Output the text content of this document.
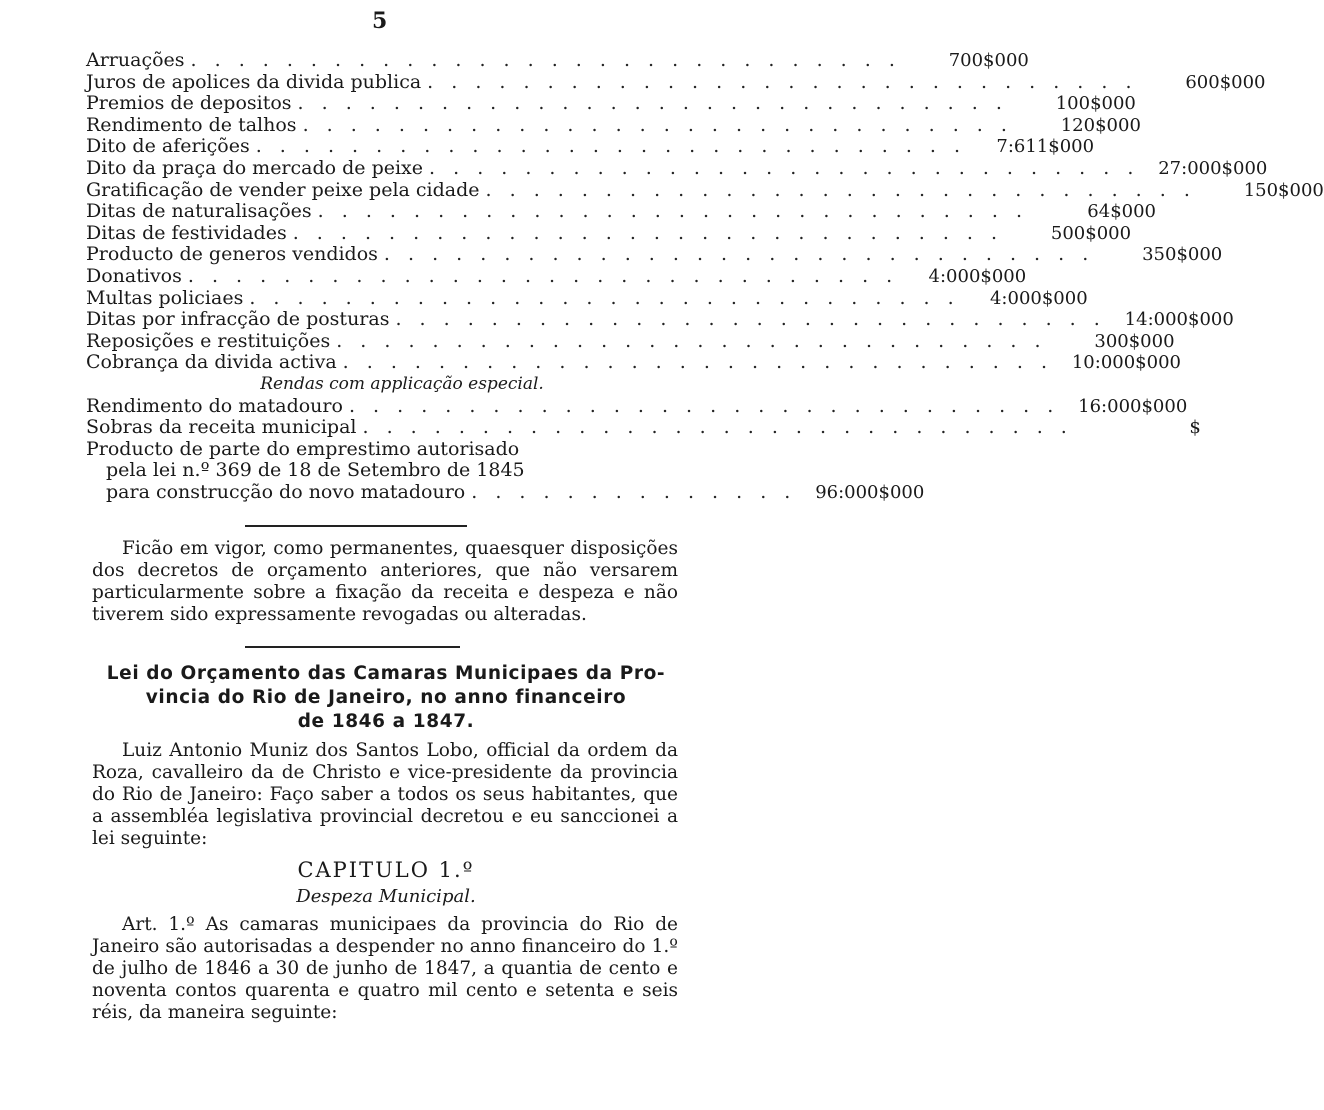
5
Arruações . . . . . . . . . . . . . . . . . . . . . . . . . . . . . .	700$000
Juros de apolices da divida publica . . . . . . . . . . . . . . . . . . . . . . . . . . . . . .	600$000
Premios de depositos . . . . . . . . . . . . . . . . . . . . . . . . . . . . . .	100$000
Rendimento de talhos . . . . . . . . . . . . . . . . . . . . . . . . . . . . . .	120$000
Dito de aferições . . . . . . . . . . . . . . . . . . . . . . . . . . . . . .	7:611$000
Dito da praça do mercado de peixe . . . . . . . . . . . . . . . . . . . . . . . . . . . . . .	27:000$000
Gratificação de vender peixe pela cidade . . . . . . . . . . . . . . . . . . . . . . . . . . . . . .	150$000
Ditas de naturalisações . . . . . . . . . . . . . . . . . . . . . . . . . . . . . .	64$000
Ditas de festividades . . . . . . . . . . . . . . . . . . . . . . . . . . . . . .	500$000
Producto de generos vendidos . . . . . . . . . . . . . . . . . . . . . . . . . . . . . .	350$000
Donativos . . . . . . . . . . . . . . . . . . . . . . . . . . . . . .	4:000$000
Multas policiaes . . . . . . . . . . . . . . . . . . . . . . . . . . . . . .	4:000$000
Ditas por infracção de posturas . . . . . . . . . . . . . . . . . . . . . . . . . . . . . .	14:000$000
Reposições e restituições . . . . . . . . . . . . . . . . . . . . . . . . . . . . . .	300$000
Cobrança da divida activa . . . . . . . . . . . . . . . . . . . . . . . . . . . . . .	10:000$000
Rendas com applicação especial.
Rendimento do matadouro . . . . . . . . . . . . . . . . . . . . . . . . . . . . . .	16:000$000
Sobras da receita municipal . . . . . . . . . . . . . . . . . . . . . . . . . . . . . .	$
Producto de parte do emprestimo autorisado
pela lei n.º 369 de 18 de Setembro de 1845
para construcção do novo matadouro . . . . . . . . . . . . . .	96:000$000
Ficão em vigor, como permanentes, quaesquer disposições dos decretos de orçamento anteriores, que não versarem particularmente sobre a fixação da receita e despeza e não tiverem sido expressamente revogadas ou alteradas.
Lei do Orçamento das Camaras Municipaes da Pro-
vincia do Rio de Janeiro, no anno financeiro
de 1846 a 1847.
Luiz Antonio Muniz dos Santos Lobo, official da ordem da Roza, cavalleiro da de Christo e vice-presidente da provincia do Rio de Janeiro: Faço saber a todos os seus habitantes, que a assembléa legislativa provincial decretou e eu sanccionei a lei seguinte:
CAPITULO 1.º
Despeza Municipal.
Art. 1.º As camaras municipaes da provincia do Rio de Janeiro são autorisadas a despender no anno financeiro do 1.º de julho de 1846 a 30 de junho de 1847, a quantia de cento e noventa contos quarenta e quatro mil cento e setenta e seis réis, da maneira seguinte:
